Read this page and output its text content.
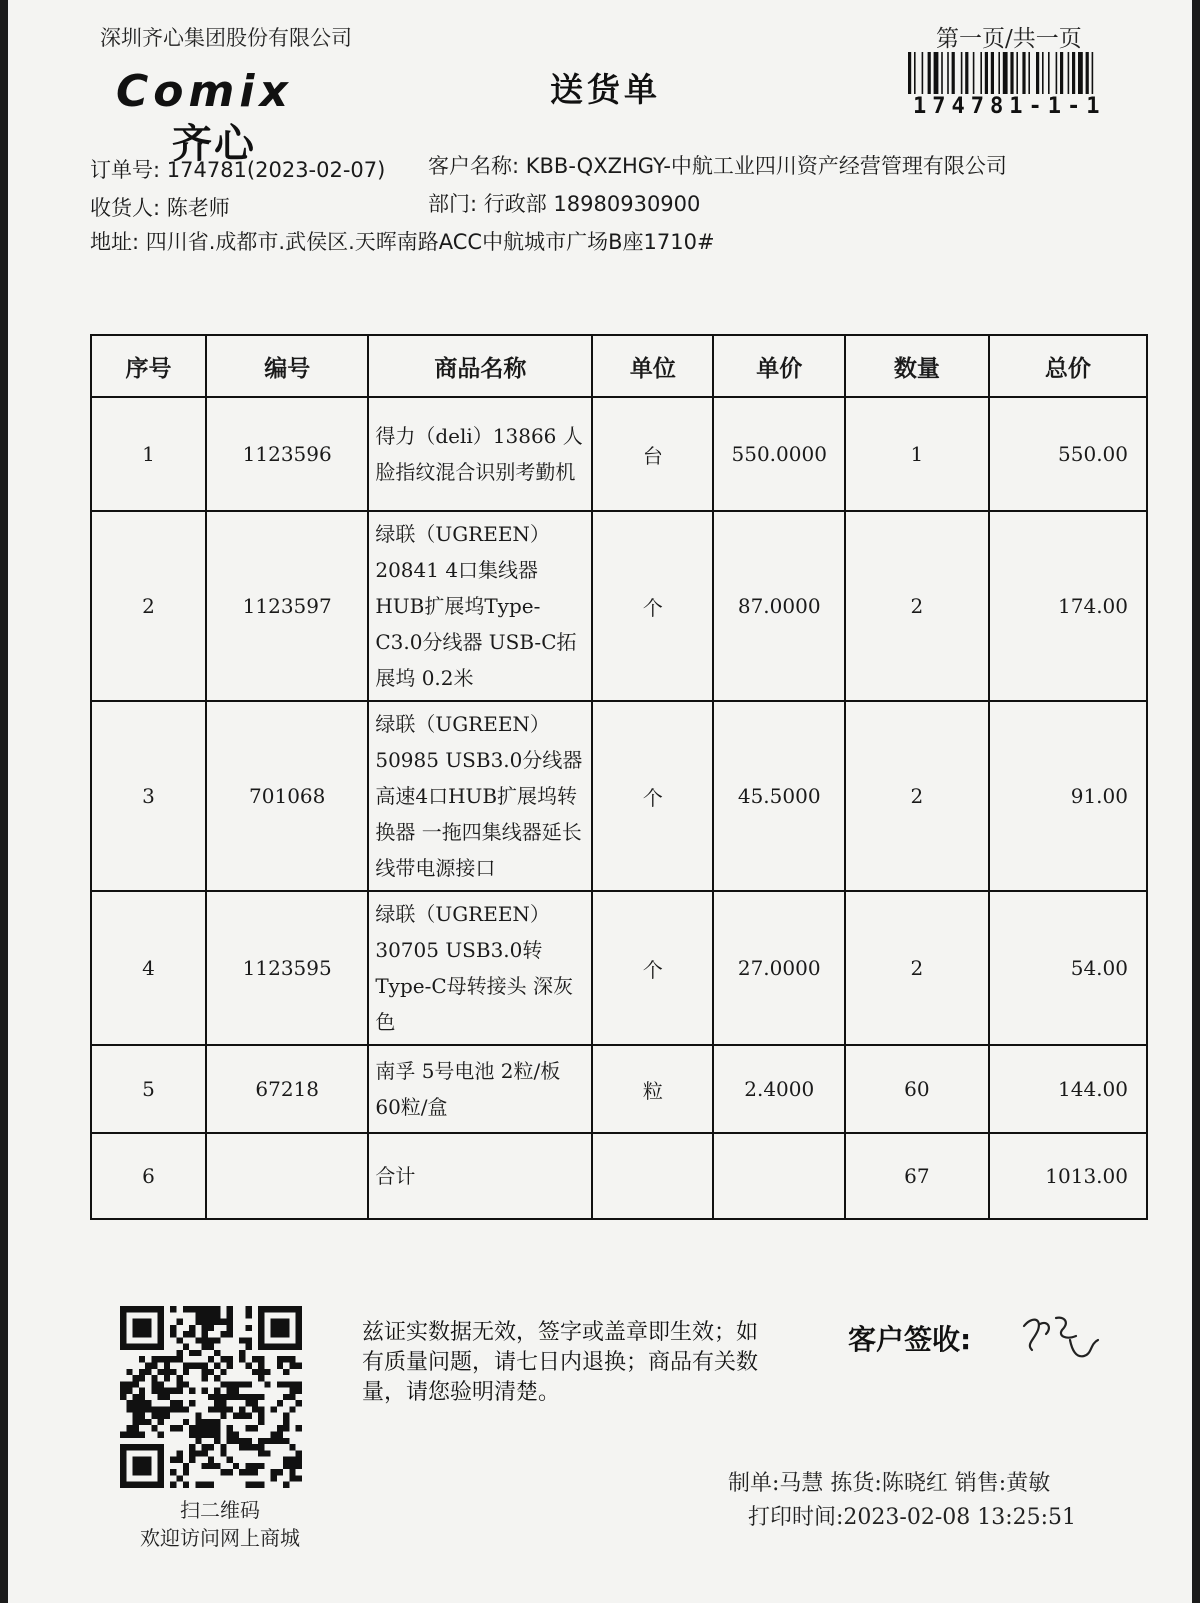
深圳齐心集团股份有限公司	第一页/共一页
174781-1-1
Comix
齐心
送货单
订单号: 174781(2023-02-07) 客户名称: KBB-QXZHGY-中航工业四川资产经营管理有限公司
收货人: 陈老师	部门: 行政部 18980930900
地址: 四川省.成都市.武侯区.天晖南路ACC中航城市广场B座1710#
序号	编号	商品名称	单位	单价	数量	总价
1	1123596	得力（deli）13866 人脸指纹混合识别考勤机	台	550.0000	1	550.00
2	1123597	绿联（UGREEN）20841 4口集线器HUB扩展坞Type-C3.0分线器 USB-C拓展坞 0.2米	个	87.0000	2	174.00
3	701068	绿联（UGREEN）50985 USB3.0分线器高速4口HUB扩展坞转换器 一拖四集线器延长线带电源接口	个	45.5000	2	91.00
4	1123595	绿联（UGREEN）30705 USB3.0转Type-C母转接头 深灰色	个	27.0000	2	54.00
5	67218	南孚 5号电池 2粒/板 60粒/盒	粒	2.4000	60	144.00
6		合计			67	1013.00
扫二维码
欢迎访问网上商城
兹证实数据无效，签字或盖章即生效；如有质量问题，请七日内退换；商品有关数量，请您验明清楚。
客户签收:
制单:马慧 拣货:陈晓红 销售:黄敏
打印时间:2023-02-08 13:25:51
